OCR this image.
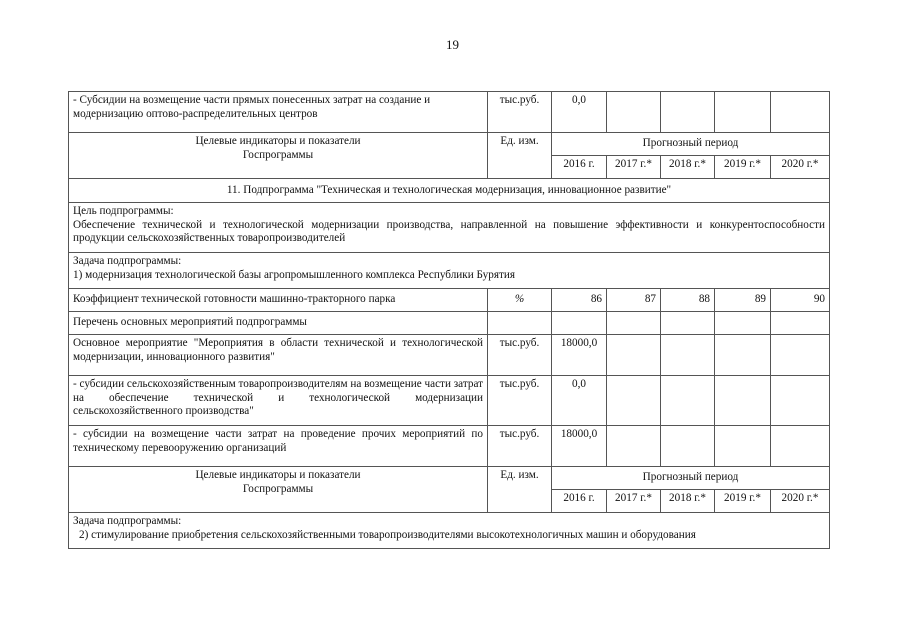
19
- Субсидии на возмещение части прямых понесенных затрат на создание и модернизацию оптово-распределительных центров	тыс.руб.	0,0				

Целевые индикаторы и показатели
Госпрограммы	Ед. изм.	Прогнозный период				
		2016 г.	2017 г.*	2018 г.*	2019 г.*	2020 г.*
11. Подпрограмма "Техническая и технологическая модернизация, инновационное развитие"						

Цель подпрограммы:
Обеспечение технической и технологической модернизации производства, направленной на повышение эффективности и конкурентоспособности продукции сельскохозяйственных товаропроизводителей						

Задача подпрограммы:
1) модернизация технологической базы агропромышленного комплекса Республики Бурятия						

Коэффициент технической готовности машинно-тракторного парка	%	86	87	88	89	90
Перечень основных мероприятий подпрограммы						
Основное мероприятие "Мероприятия в области технической и технологической модернизации, инновационного развития"	тыс.руб.	18000,0				
- субсидии сельскохозяйственным товаропроизводителям на возмещение части затрат на обеспечение технической и технологической модернизации сельскохозяйственного производства"	тыс.руб.	0,0				
- субсидии на возмещение части затрат на проведение прочих мероприятий по техническому перевооружению организаций	тыс.руб.	18000,0				

Целевые индикаторы и показатели
Госпрограммы	Ед. изм.	Прогнозный период				
		2016 г.	2017 г.*	2018 г.*	2019 г.*	2020 г.*

Задача подпрограммы:
2) стимулирование приобретения сельскохозяйственными товаропроизводителями высокотехнологичных машин и оборудования						
